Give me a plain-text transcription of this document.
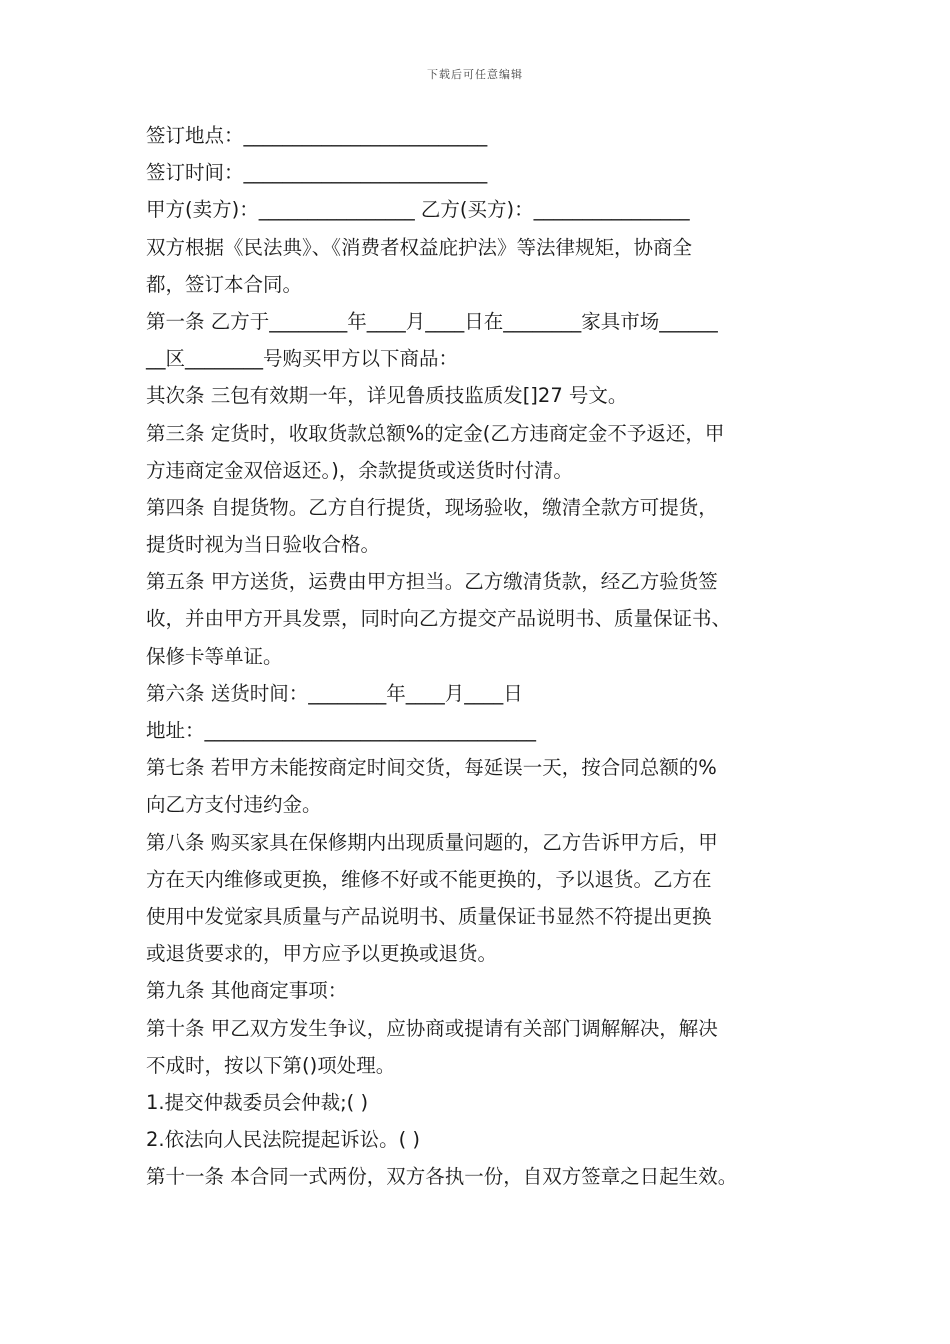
下载后可任意编辑
签订地点：_________________________
签订时间：_________________________
甲方(卖方)：________________ 乙方(买方)：________________
双方根据《民法典》、《消费者权益庇护法》等法律规矩，协商全
都，签订本合同。
第一条 乙方于________年____月____日在________家具市场______
__区________号购买甲方以下商品：
其次条 三包有效期一年，详见鲁质技监质发[]27 号文。
第三条 定货时，收取货款总额%的定金(乙方违商定金不予返还，甲
方违商定金双倍返还。)，余款提货或送货时付清。
第四条 自提货物。乙方自行提货，现场验收，缴清全款方可提货，
提货时视为当日验收合格。
第五条 甲方送货，运费由甲方担当。乙方缴清货款，经乙方验货签
收，并由甲方开具发票，同时向乙方提交产品说明书、质量保证书、
保修卡等单证。
第六条 送货时间：________年____月____日
地址：__________________________________
第七条 若甲方未能按商定时间交货，每延误一天，按合同总额的%
向乙方支付违约金。
第八条 购买家具在保修期内出现质量问题的，乙方告诉甲方后，甲
方在天内维修或更换，维修不好或不能更换的，予以退货。乙方在
使用中发觉家具质量与产品说明书、质量保证书显然不符提出更换
或退货要求的，甲方应予以更换或退货。
第九条 其他商定事项：
第十条 甲乙双方发生争议，应协商或提请有关部门调解解决，解决
不成时，按以下第()项处理。
1.提交仲裁委员会仲裁;( )
2.依法向人民法院提起诉讼。( )
第十一条 本合同一式两份，双方各执一份，自双方签章之日起生效。
